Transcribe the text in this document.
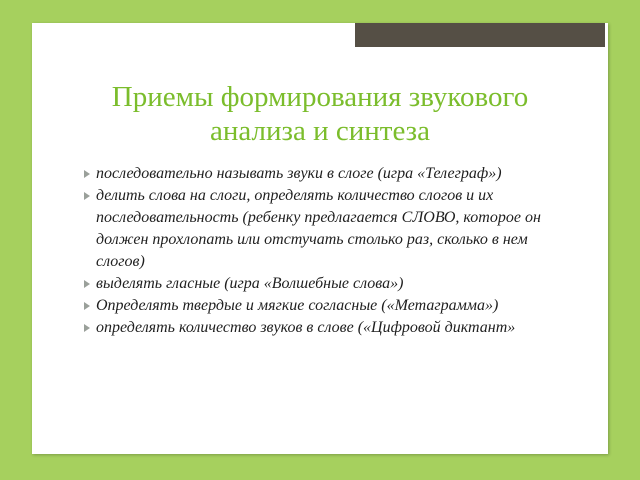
Приемы формирования звукового анализа и синтеза
последовательно называть звуки в слоге (игра «Телеграф»)
делить слова на слоги, определять количество слогов и их последовательность (ребенку предлагается СЛОВО, которое он должен прохлопать или отстучать столько раз, сколько в нем слогов)
выделять гласные (игра «Волшебные слова»)
Определять твердые и мягкие согласные («Метаграмма»)
определять количество звуков в слове («Цифровой диктант»
